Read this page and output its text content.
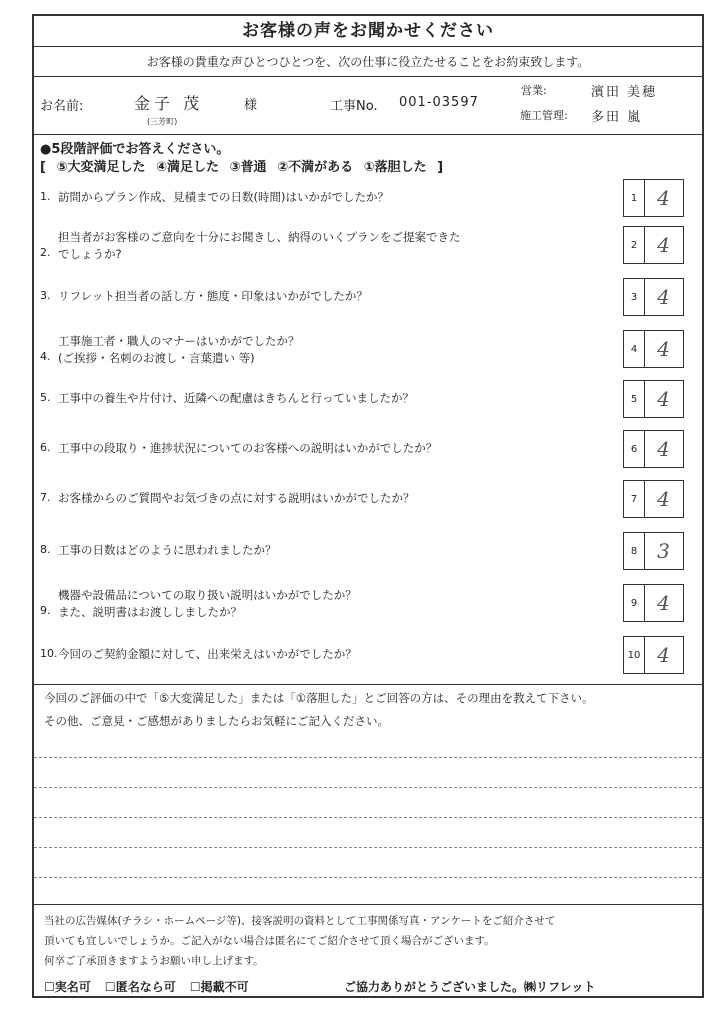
お客様の声をお聞かせください
お客様の貴重な声ひとつひとつを、次の仕事に役立たせることをお約束致します。
お名前:	金子 茂
(三芳町)
様	工事No. 001-03597
営業:	濱田 美穂
施工管理: 多田 嵐
●5段階評価でお答えください。
[ ⑤大変満足した ④満足した ③普通 ②不満がある ①落胆した ]
1. 訪問からプラン作成、見積までの日数(時間)はいかがでしたか？	1 4
2.
担当者がお客様のご意向を十分にお聞きし、納得のいくプランをご提案できた
でしょうか?
2 4
3. リフレット担当者の話し方・態度・印象はいかがでしたか？	3 4
4.
工事施工者・職人のマナーはいかがでしたか？
(ご挨拶・名刺のお渡し・言葉遣い 等)
4 4
5. 工事中の養生や片付け、近隣への配慮はきちんと行っていましたか？	5 4
6. 工事中の段取り・進捗状況についてのお客様への説明はいかがでしたか？	6 4
7. お客様からのご質問やお気づきの点に対する説明はいかがでしたか？	7 4
8. 工事の日数はどのように思われましたか？	8 3
9.
機器や設備品についての取り扱い説明はいかがでしたか？
また、説明書はお渡ししましたか？
9 4
10. 今回のご契約金額に対して、出来栄えはいかがでしたか？	10 4
今回のご評価の中で「⑤大変満足した」または「①落胆した」とご回答の方は、その理由を教えて下さい。
その他、ご意見・ご感想がありましたらお気軽にご記入ください。
当社の広告媒体(チラシ・ホームページ等)、接客説明の資料として工事関係写真・アンケートをご紹介させて
頂いても宜しいでしょうか。ご記入がない場合は匿名にてご紹介させて頂く場合がございます。
何卒ご了承頂きますようお願い申し上げます。
☐実名可 ☐匿名なら可 ☐掲載不可	ご協力ありがとうございました。㈱リフレット
